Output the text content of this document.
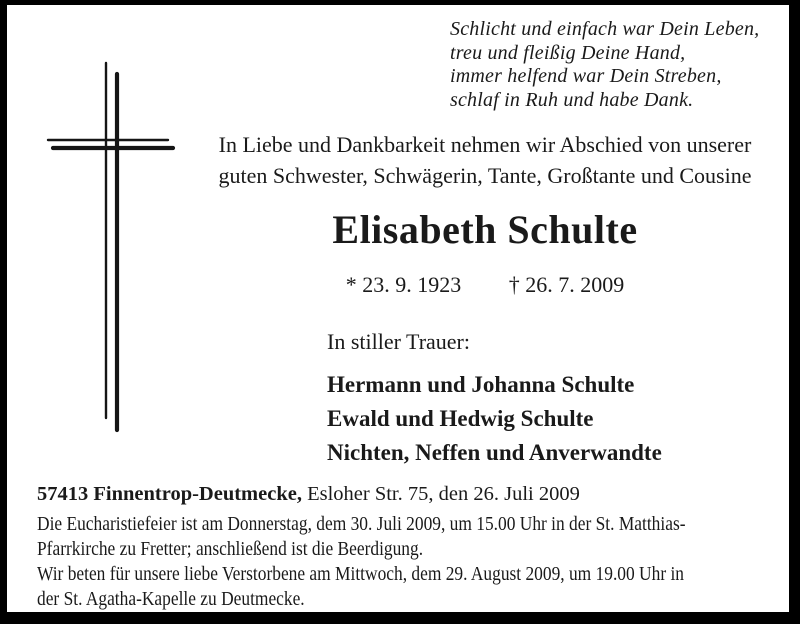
Schlicht und einfach war Dein Leben,
treu und fleißig Deine Hand,
immer helfend war Dein Streben,
schlaf in Ruh und habe Dank.
In Liebe und Dankbarkeit nehmen wir Abschied von unserer
guten Schwester, Schwägerin, Tante, Großtante und Cousine
Elisabeth Schulte
* 23. 9. 1923 † 26. 7. 2009
In stiller Trauer:
Hermann und Johanna Schulte
Ewald und Hedwig Schulte
Nichten, Neffen und Anverwandte
57413 Finnentrop-Deutmecke, Esloher Str. 75, den 26. Juli 2009
Die Eucharistiefeier ist am Donnerstag, dem 30. Juli 2009, um 15.00 Uhr in der St. Matthias-
Pfarrkirche zu Fretter; anschließend ist die Beerdigung.
Wir beten für unsere liebe Verstorbene am Mittwoch, dem 29. August 2009, um 19.00 Uhr in
der St. Agatha-Kapelle zu Deutmecke.
